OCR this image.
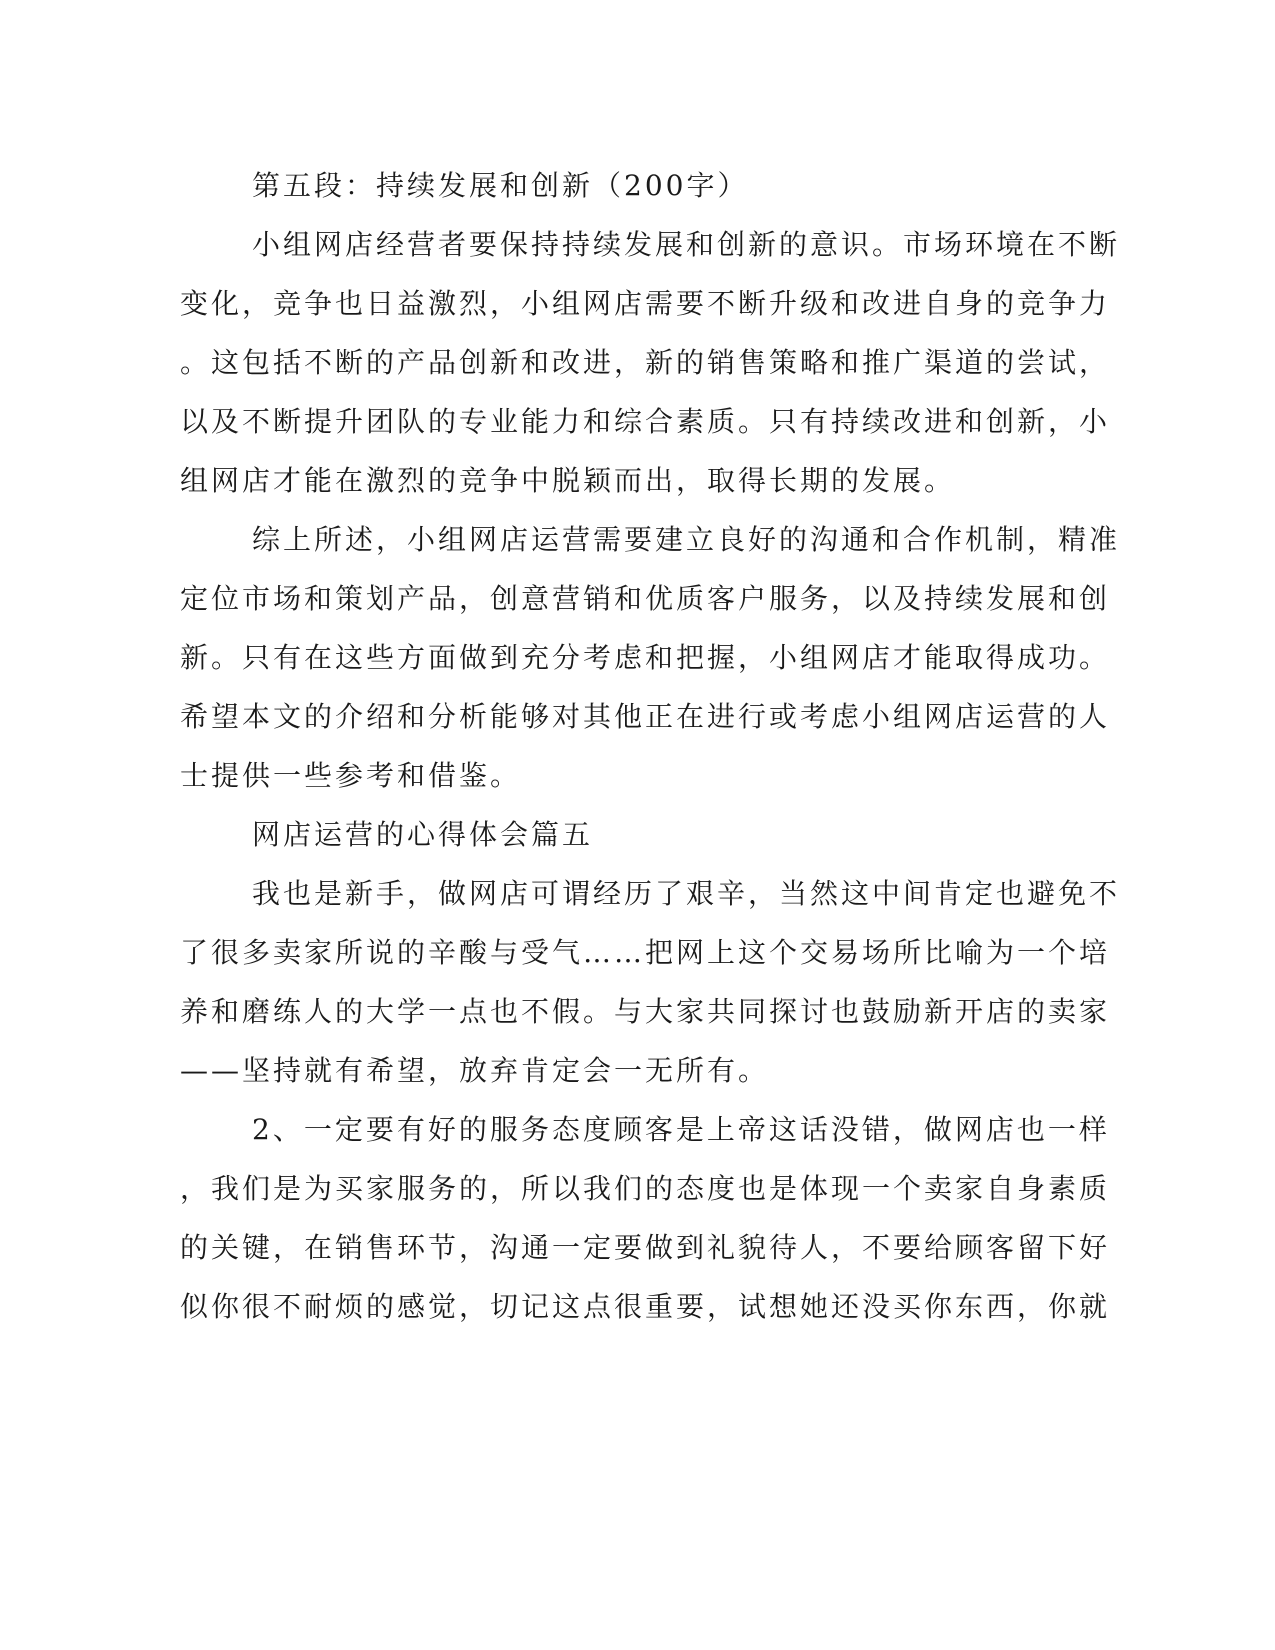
第五段：持续发展和创新（200字）
小组网店经营者要保持持续发展和创新的意识。市场环境在不断
变化，竞争也日益激烈，小组网店需要不断升级和改进自身的竞争力
。这包括不断的产品创新和改进，新的销售策略和推广渠道的尝试，
以及不断提升团队的专业能力和综合素质。只有持续改进和创新，小
组网店才能在激烈的竞争中脱颖而出，取得长期的发展。
综上所述，小组网店运营需要建立良好的沟通和合作机制，精准
定位市场和策划产品，创意营销和优质客户服务，以及持续发展和创
新。只有在这些方面做到充分考虑和把握，小组网店才能取得成功。
希望本文的介绍和分析能够对其他正在进行或考虑小组网店运营的人
士提供一些参考和借鉴。
网店运营的心得体会篇五
我也是新手，做网店可谓经历了艰辛，当然这中间肯定也避免不
了很多卖家所说的辛酸与受气……把网上这个交易场所比喻为一个培
养和磨练人的大学一点也不假。与大家共同探讨也鼓励新开店的卖家
——坚持就有希望，放弃肯定会一无所有。
2、一定要有好的服务态度顾客是上帝这话没错，做网店也一样
，我们是为买家服务的，所以我们的态度也是体现一个卖家自身素质
的关键，在销售环节，沟通一定要做到礼貌待人，不要给顾客留下好
似你很不耐烦的感觉，切记这点很重要，试想她还没买你东西，你就
